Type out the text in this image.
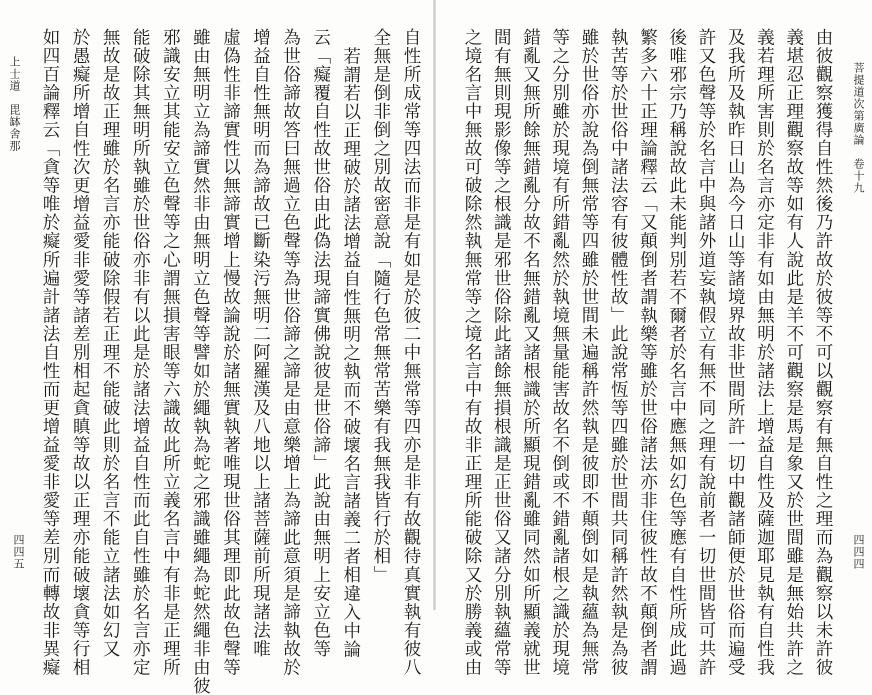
四四五
上士道　毘缽舍那	自性所成常等四法而非是有如是於彼二中無常等四亦是非有故觀待真實執有彼八
全無是倒非倒之別故密意說「隨行色常無常苦樂有我無我皆行於相」
若謂若以正理破於諸法增益自性無明之執而不破壞名言諸義二者相違入中論
云「癡覆自性故世俗由此偽法現諦實佛說彼是世俗諦」此說由無明上安立色等
為世俗諦故答曰無過立色聲等為世俗諦之諦是由意樂增上為諦此意須是諦執故於
增益自性無明而為諦故已斷染污無明二阿羅漢及八地以上諸菩薩前所現諸法唯
虛偽性非諦實性以無諦實增上慢故論說於諸無實執著唯現世俗其理即此故色聲等
雖由無明立為諦實然非由無明立色聲等譬如於繩執為蛇之邪識雖繩為蛇然繩非由彼
邪識安立其能安立色聲等之心謂無損害眼等六識故此所立義名言中有非是正理所
能破除其無明所執雖於世俗亦非有以此是於諸法增益自性而此自性雖於名言亦定
無故是故正理雖於名言亦能破除假若正理不能破此則於名言不能立諸法如幻又
於愚癡所增自性次更增益愛非愛等諸差別相起貪瞋等故以正理亦能破壞貪等行相
如四百論釋云「貪等唯於癡所遍計諸法自性而更增益愛非愛等差別而轉故非異癡	菩提道次第廣論　卷十九
四四四
由彼觀察獲得自性然後乃許故於彼等不可以觀察有無自性之理而為觀察以未許彼
義堪忍正理觀察故等如有人說此是羊不可觀察是馬是象又於世間雖是無始共許之
義若理所害則於名言亦定非有如由無明於諸法上增益自性及薩迦耶見執有自性我
及我所及執昨日山為今日山等諸境界故非世間所許一切中觀諸師便於世俗而遍受
許又色聲等於名言中與諸外道妄執假立有無不同之理有說前者一切世間皆可共許
後唯邪宗乃稱說故此未能判別若不爾者於名言中應無如幻色等應有自性所成此過
繁多六十正理論釋云「又顛倒者謂執樂等雖於世俗諸法亦非住彼性故不顛倒者謂
執苦等於世俗中諸法容有彼體性故」此說常恆等四雖於世間共同稱許然執是為彼
雖於世俗亦說為倒無常等四雖於世間未遍稱許然執是彼即不顛倒如是執蘊為無常
等之分別雖於現境有所錯亂然於執境無量能害故名不倒或不錯亂諸根之識於現境
錯亂又無所餘無錯亂分故不名無錯亂又諸根識於所顯現錯亂雖同然如所顯義就世
間有無則現影像等之根識是邪世俗除此諸餘無損根識是正世俗又諸分別執蘊常等
之境名言中無故可破除然執無常等之境名言中有故非正理所能破除又於勝義或由
